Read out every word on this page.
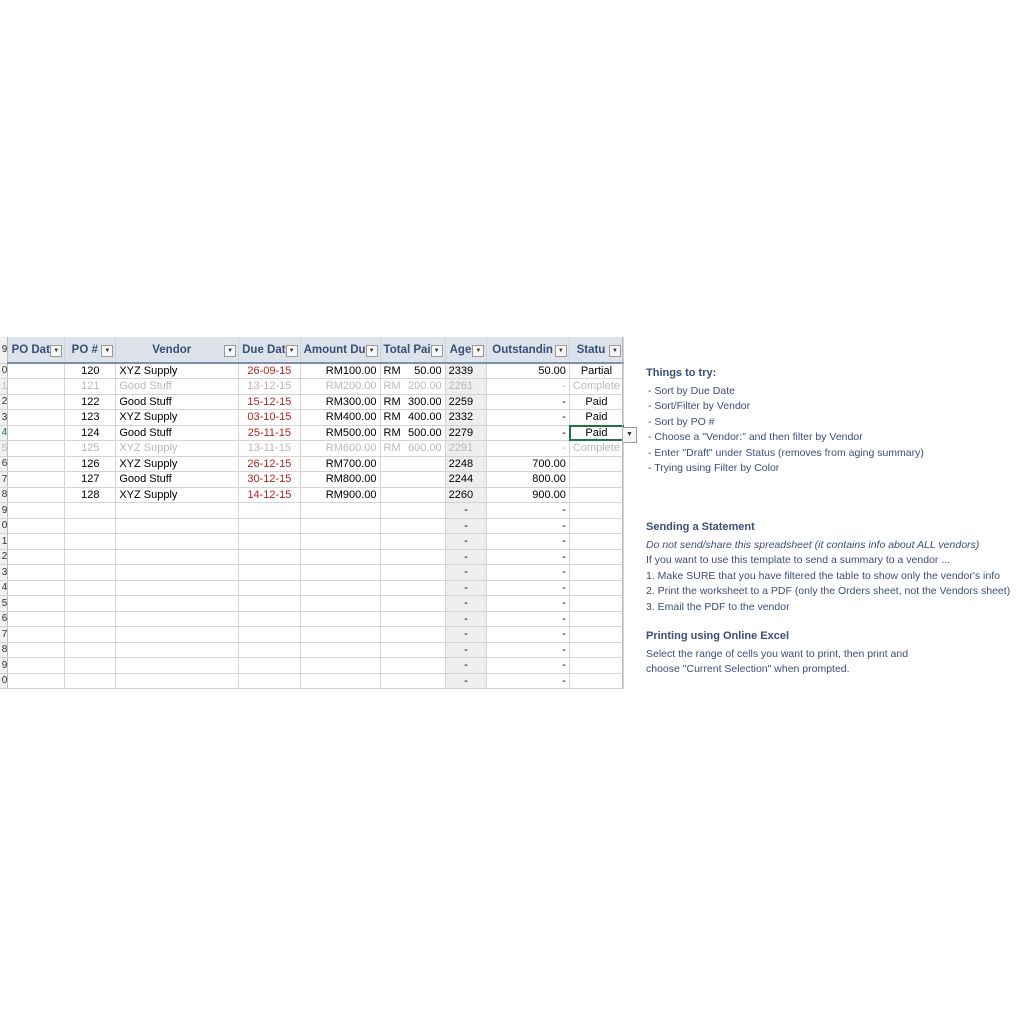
9	PO Dat ▼	PO # ▼	Vendor ▼	Due Dat ▼	Amount Du ▼	Total Pai ▼	Age ▼	Outstandin ▼	Statu ▼

0		120	XYZ Supply	26-09-15	RM100.00	RM 50.00	2339	50.00	Partial
1		121	Good Stuff	13-12-15	RM200.00	RM 200.00	2261	-	Complete
2		122	Good Stuff	15-12-15	RM300.00	RM 300.00	2259	-	Paid
3		123	XYZ Supply	03-10-15	RM400.00	RM 400.00	2332	-	Paid
4		124	Good Stuff	25-11-15	RM500.00	RM 500.00	2279	-	Paid
5		125	XYZ Supply	13-11-15	RM600.00	RM 600.00	2291	-	Complete
6		126	XYZ Supply	26-12-15	RM700.00		2248	700.00	
7		127	Good Stuff	30-12-15	RM800.00		2244	800.00	
8		128	XYZ Supply	14-12-15	RM900.00		2260	900.00	
9							-	-	
0							-	-	
1							-	-	
2							-	-	
3							-	-	
4							-	-	
5							-	-	
6							-	-	
7							-	-	
8							-	-	
9							-	-	
0							-	-	
▼
Things to try:
- Sort by Due Date
- Sort/Filter by Vendor
- Sort by PO #
- Choose a "Vendor:" and then filter by Vendor
- Enter "Draft" under Status (removes from aging summary)
- Trying using Filter by Color
Sending a Statement
Do not send/share this spreadsheet (it contains info about ALL vendors)
If you want to use this template to send a summary to a vendor ...
1. Make SURE that you have filtered the table to show only the vendor's info
2. Print the worksheet to a PDF (only the Orders sheet, not the Vendors sheet)
3. Email the PDF to the vendor
Printing using Online Excel
Select the range of cells you want to print, then print and
choose "Current Selection" when prompted.
